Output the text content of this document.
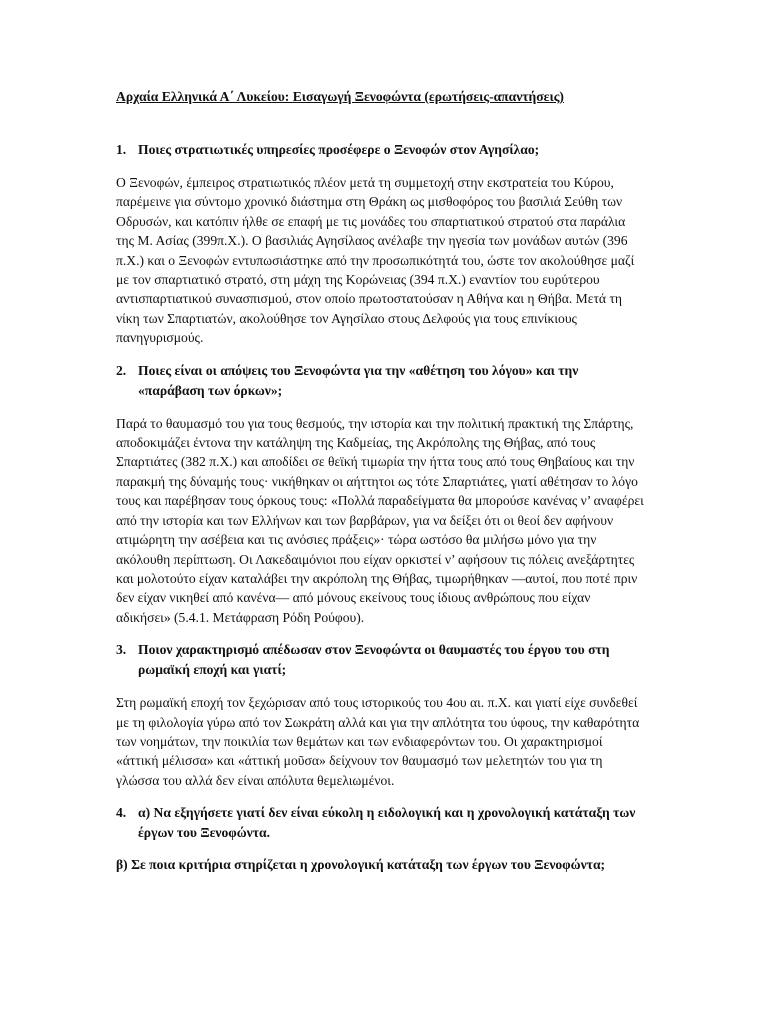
Αρχαία Ελληνικά Α΄ Λυκείου: Εισαγωγή Ξενοφώντα (ερωτήσεις-απαντήσεις)

1. Ποιες στρατιωτικές υπηρεσίες προσέφερε ο Ξενοφών στον Αγησίλαο;

Ο Ξενοφών, έμπειρος στρατιωτικός πλέον μετά τη συμμετοχή στην εκστρατεία του Κύρου, παρέμεινε για σύντομο χρονικό διάστημα στη Θράκη ως μισθοφόρος του βασιλιά Σεύθη των Οδρυσών, και κατόπιν ήλθε σε επαφή με τις μονάδες του σπαρτιατικού στρατού στα παράλια της Μ. Ασίας (399π.Χ.). Ο βασιλιάς Αγησίλαος ανέλαβε την ηγεσία των μονάδων αυτών (396 π.Χ.) και ο Ξενοφών εντυπωσιάστηκε από την προσωπικότητά του, ώστε τον ακολούθησε μαζί με τον σπαρτιατικό στρατό, στη μάχη της Κορώνειας (394 π.Χ.) εναντίον του ευρύτερου αντισπαρτιατικού συνασπισμού, στον οποίο πρωτοστατούσαν η Αθήνα και η Θήβα. Μετά τη νίκη των Σπαρτιατών, ακολούθησε τον Αγησίλαο στους Δελφούς για τους επινίκιους πανηγυρισμούς.

2. Ποιες είναι οι απόψεις του Ξενοφώντα για την «αθέτηση του λόγου» και την «παράβαση των όρκων»;

Παρά το θαυμασμό του για τους θεσμούς, την ιστορία και την πολιτική πρακτική της Σπάρτης, αποδοκιμάζει έντονα την κατάληψη της Καδμείας, της Ακρόπολης της Θήβας, από τους Σπαρτιάτες (382 π.Χ.) και αποδίδει σε θεϊκή τιμωρία την ήττα τους από τους Θηβαίους και την παρακμή της δύναμής τους· νικήθηκαν οι αήττητοι ως τότε Σπαρτιάτες, γιατί αθέτησαν το λόγο τους και παρέβησαν τους όρκους τους: «Πολλά παραδείγματα θα μπορούσε κανένας ν’ αναφέρει από την ιστορία και των Ελλήνων και των βαρβάρων, για να δείξει ότι οι θεοί δεν αφήνουν ατιμώρητη την ασέβεια και τις ανόσιες πράξεις»· τώρα ωστόσο θα μιλήσω μόνο για την ακόλουθη περίπτωση. Οι Λακεδαιμόνιοι που είχαν ορκιστεί ν’ αφήσουν τις πόλεις ανεξάρτητες και μολοτούτο είχαν καταλάβει την ακρόπολη της Θήβας, τιμωρήθηκαν —αυτοί, που ποτέ πριν δεν είχαν νικηθεί από κανένα— από μόνους εκείνους τους ίδιους ανθρώπους που είχαν αδικήσει» (5.4.1. Μετάφραση Ρόδη Ρούφου).

3. Ποιον χαρακτηρισμό απέδωσαν στον Ξενοφώντα οι θαυμαστές του έργου του στη ρωμαϊκή εποχή και γιατί;

Στη ρωμαϊκή εποχή τον ξεχώρισαν από τους ιστορικούς του 4ου αι. π.Χ. και γιατί είχε συνδεθεί με τη φιλολογία γύρω από τον Σωκράτη αλλά και για την απλότητα του ύφους, την καθαρότητα των νοημάτων, την ποικιλία των θεμάτων και των ενδιαφερόντων του. Οι χαρακτηρισμοί «άττική μέλισσα» και «άττική μοῦσα» δείχνουν τον θαυμασμό των μελετητών του για τη γλώσσα του αλλά δεν είναι απόλυτα θεμελιωμένοι.

4. α) Να εξηγήσετε γιατί δεν είναι εύκολη η ειδολογική και η χρονολογική κατάταξη των έργων του Ξενοφώντα.

β) Σε ποια κριτήρια στηρίζεται η χρονολογική κατάταξη των έργων του Ξενοφώντα;
